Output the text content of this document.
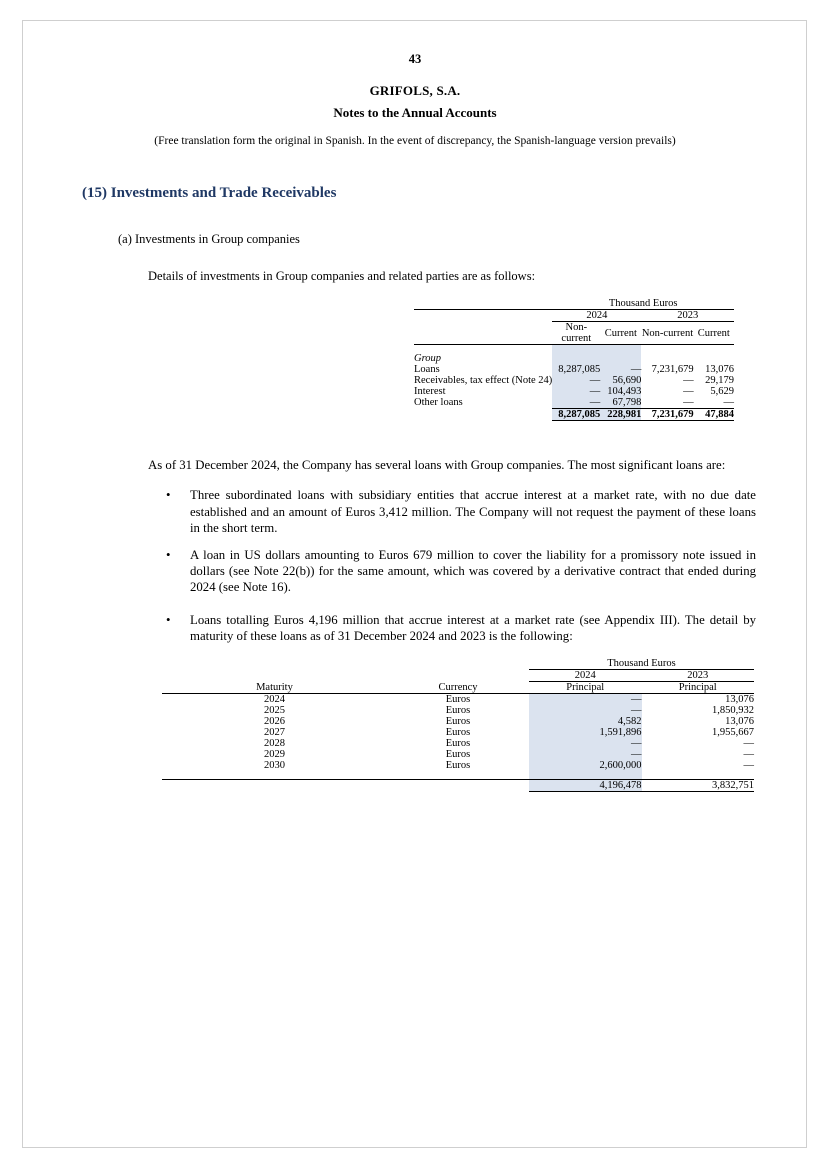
43
GRIFOLS, S.A.
Notes to the Annual Accounts
(Free translation form the original in Spanish. In the event of discrepancy, the Spanish-language version prevails)
(15) Investments and Trade Receivables
(a) Investments in Group companies
Details of investments in Group companies and related parties are as follows:
	Thousand Euros			
	2024		2023	
	Non-current	Current	Non-current	Current

Group				
Loans	8,287,085	—	7,231,679	13,076
Receivables, tax effect (Note 24)	—	56,690	—	29,179
Interest	—	104,493	—	5,629
Other loans	—	67,798	—	—
	8,287,085	228,981	7,231,679	47,884
As of 31 December 2024, the Company has several loans with Group companies. The most significant loans are:
• Three subordinated loans with subsidiary entities that accrue interest at a market rate, with no due date established and an amount of Euros 3,412 million. The Company will not request the payment of these loans in the short term.
• A loan in US dollars amounting to Euros 679 million to cover the liability for a promissory note issued in dollars (see Note 22(b)) for the same amount, which was covered by a derivative contract that ended during 2024 (see Note 16).
• Loans totalling Euros 4,196 million that accrue interest at a market rate (see Appendix III). The detail by maturity of these loans as of 31 December 2024 and 2023 is the following:
		Thousand Euros	
		2024	2023
Maturity	Currency	Principal	Principal
2024	Euros	—	13,076
2025	Euros	—	1,850,932
2026	Euros	4,582	13,076
2027	Euros	1,591,896	1,955,667
2028	Euros	—	—
2029	Euros	—	—
2030	Euros	2,600,000	—

		4,196,478	3,832,751
